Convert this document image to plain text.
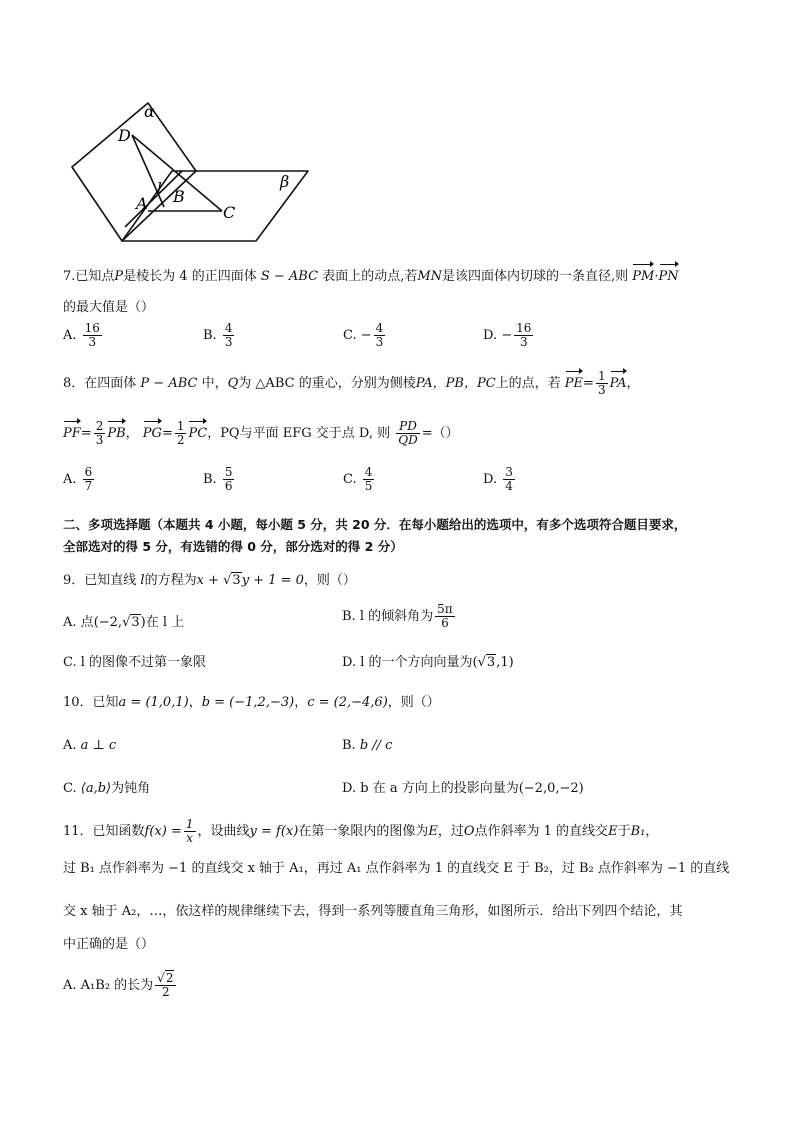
α
β
D
l
A B
C
7.已知点P是棱长为 4 的正四面体 S − ABC 表面上的动点,若MN是该四面体内切球的一条直径,则 PM·PN
的最大值是（）
A. $\frac{16}{3}$	B. $\frac{4}{3}$	C. − $\frac{4}{3}$	D. − $\frac{16}{3}$
8．在四面体 P − ABC 中，Q为 △ABC 的重心，分别为侧棱PA，PB，PC上的点，若 $PE= \frac{1}{3}$ PA，
$PF= \frac{2}{3}$ PB， $PG= \frac{1}{2}$ PC，PQ与平面 EFG 交于点 D, 则 $\frac{PD}{QD}$ =（）
A. $\frac{6}{7}$	B. $\frac{5}{6}$	C. $\frac{4}{5}$	D. $\frac{3}{4}$
二、多项选择题（本题共 4 小题，每小题 5 分，共 20 分．在每小题给出的选项中，有多个选项符合题目要求，
全部选对的得 5 分，有选错的得 0 分，部分选对的得 2 分）
9．已知直线 l的方程为x + √3y + 1 = 0，则（）
A. 点(−2,√3)在 l 上	B. l 的倾斜角为 $\frac{5\pi}{6}$
C. l 的图像不过第一象限	D. l 的一个方向向量为(√3,1)
10．已知a = (1,0,1)，b = (−1,2,−3)，c = (2,−4,6)，则（）
A. a ⊥ c	B. b // c
C. ⟨a,b⟩为钝角	D. b 在 a 方向上的投影向量为(−2,0,−2)
11．已知函数$f(x) = \frac{1}{x}$ ，设曲线y = f(x)在第一象限内的图像为E，过O点作斜率为 1 的直线交E于B₁，
过 B₁ 点作斜率为 −1 的直线交 x 轴于 A₁，再过 A₁ 点作斜率为 1 的直线交 E 于 B₂，过 B₂ 点作斜率为 −1 的直线
交 x 轴于 A₂，…，依这样的规律继续下去，得到一系列等腰直角三角形，如图所示．给出下列四个结论，其
中正确的是（）
A. A₁B₂ 的长为 $\frac{√2}{2}$
